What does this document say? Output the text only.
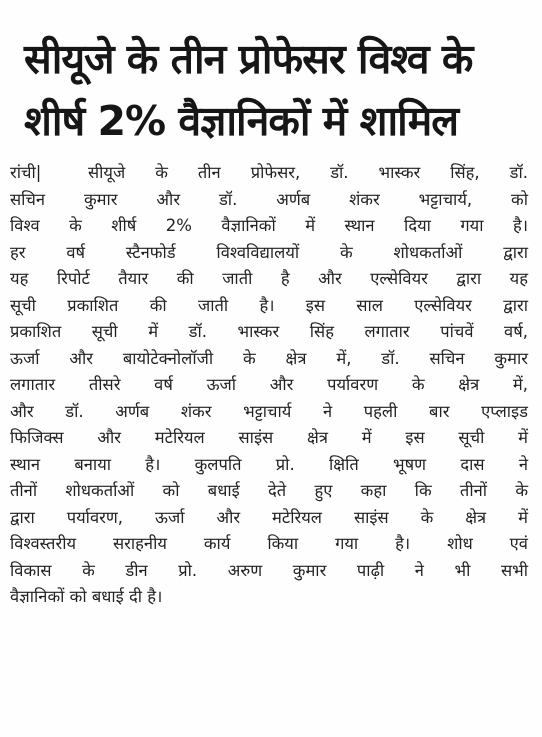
सीयूजे के तीन प्रोफेसर विश्व के
शीर्ष 2% वैज्ञानिकों में शामिल
रांची|	सीयूजे के तीन प्रोफेसर, डॉ. भास्कर सिंह, डॉ.
सचिन कुमार और डॉ. अर्णब शंकर भट्टाचार्य, को
विश्व के शीर्ष 2% वैज्ञानिकों में स्थान दिया गया है।
हर वर्ष स्टैनफोर्ड विश्वविद्यालयों के शोधकर्ताओं द्वारा
यह रिपोर्ट तैयार की जाती है और एल्सेवियर द्वारा यह
सूची प्रकाशित की जाती है। इस साल एल्सेवियर द्वारा
प्रकाशित सूची में डॉ. भास्कर सिंह लगातार पांचवें वर्ष,
ऊर्जा और बायोटेक्नोलॉजी के क्षेत्र में, डॉ. सचिन कुमार
लगातार तीसरे वर्ष ऊर्जा और पर्यावरण के क्षेत्र में,
और डॉ. अर्णब शंकर भट्टाचार्य ने पहली बार एप्लाइड
फिजिक्स और मटेरियल साइंस क्षेत्र में इस सूची में
स्थान बनाया है। कुलपति प्रो. क्षिति भूषण दास ने
तीनों शोधकर्ताओं को बधाई देते हुए कहा कि तीनों के
द्वारा पर्यावरण, ऊर्जा और मटेरियल साइंस के क्षेत्र में
विश्वस्तरीय सराहनीय कार्य किया गया है। शोध एवं
विकास के डीन प्रो. अरुण कुमार पाढ़ी ने भी सभी
वैज्ञानिकों को बधाई दी है।
